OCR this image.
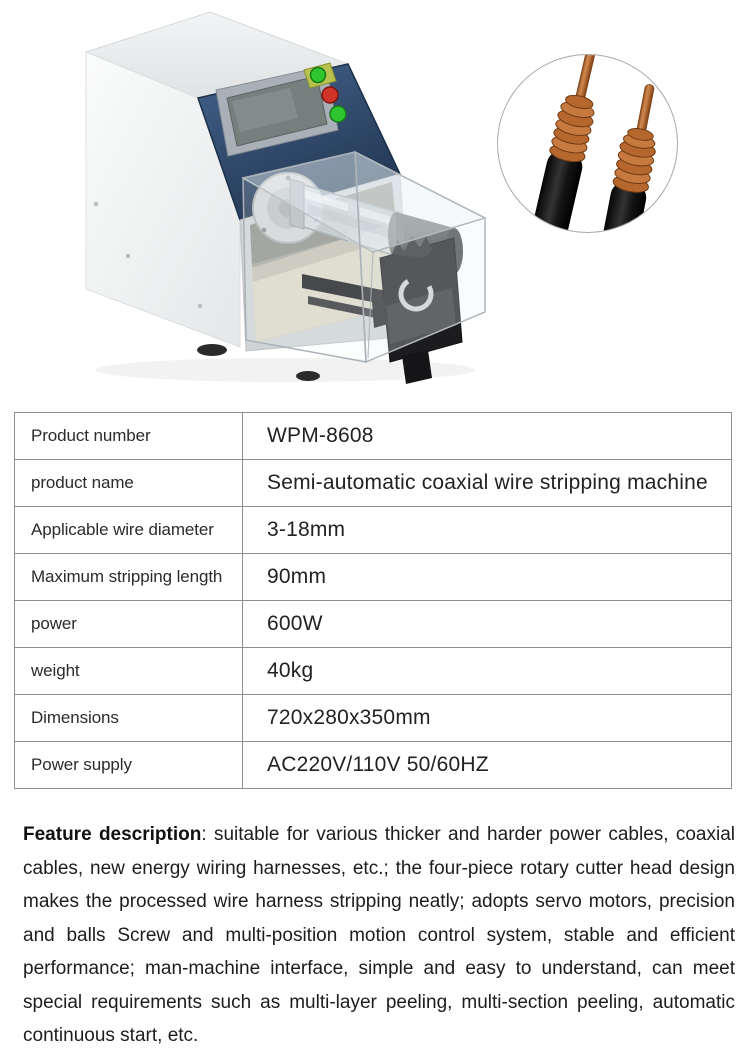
Product number	WPM-8608
product name	Semi-automatic coaxial wire stripping machine
Applicable wire diameter	3-18mm
Maximum stripping length	90mm
power	600W
weight	40kg
Dimensions	720x280x350mm
Power supply	AC220V/110V 50/60HZ

Feature description: suitable for various thicker and harder power cables, coaxial cables, new energy wiring harnesses, etc.; the four-piece rotary cutter head design makes the processed wire harness stripping neatly; adopts servo motors, precision and balls Screw and multi-position motion control system, stable and efficient performance; man-machine interface, simple and easy to understand, can meet special requirements such as multi-layer peeling, multi-section peeling, automatic continuous start, etc.
